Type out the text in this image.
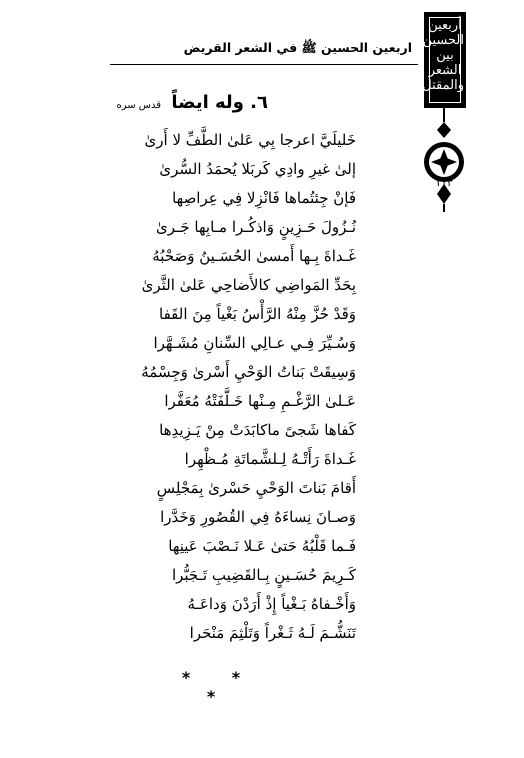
اربعين الحسين ﷺ في الشعر القريض
أربعين الحسين بين الشعر والمقتل
١١٣
٦. وله ايضاً قدس سره
خَليلَيَّ اعرجا بِي عَلىٰ الطَّفِّ لا أَرىٰ
إلىٰ غيرِ وادِي كَربَلا يُحمَدُ السُّرىٰ
فَإنْ جِئتُماها فَانْزِلا فِي عِراصِها
نُـزُولَ حَـزِينٍ وَاذكُـرا مـابِها جَـرىٰ
غَـداةَ بِـها أَمسىٰ الحُسَـينُ وَصَحْبُهُ
بِحَدِّ المَواضِي كالأَضاحِي عَلىٰ الثَّرىٰ
وَقَدْ حُزَّ مِنْهُ الرَّأْسُ بَغْياً مِنَ القَفا
وَسُـيِّرَ فِـي عـالِي السِّنانِ مُشَـهَّرا
وَسِيقَتْ بَناتُ الوَحْيِ أَسْرىٰ وَجِسْمُهُ
عَـلىٰ الرَّغْـمِ مِـنْها خَـلَّفَتْهُ مُعَفَّرا
كَفاها شَجىً ماكابَدَتْ مِنْ يَـزِيدِها
غَـداةَ رَأَتْـهُ لِـلشَّماتَةِ مُـظْهِرا
أَقامَ بَناتَ الوَحْيِ حَسْرىٰ بِمَجْلِسٍ
وَصـانَ نِساءَهُ فِي القُصُورِ وَخَدَّرا
فَـما قَلْبُهُ حَتىٰ عَـلا نَـصْبَ عَينِها
كَـرِيمَ حُسَـينٍ بِـالقَضِيبِ تَـجَبُّرا
وَأَخْـفاهُ بَـغْياً إِذْ أَرَدْنَ وَداعَـهُ
تَنَشُّـمَ لَـهُ ثَـغْراً وَتَلْثِمَ مَنْحَرا
* * *
